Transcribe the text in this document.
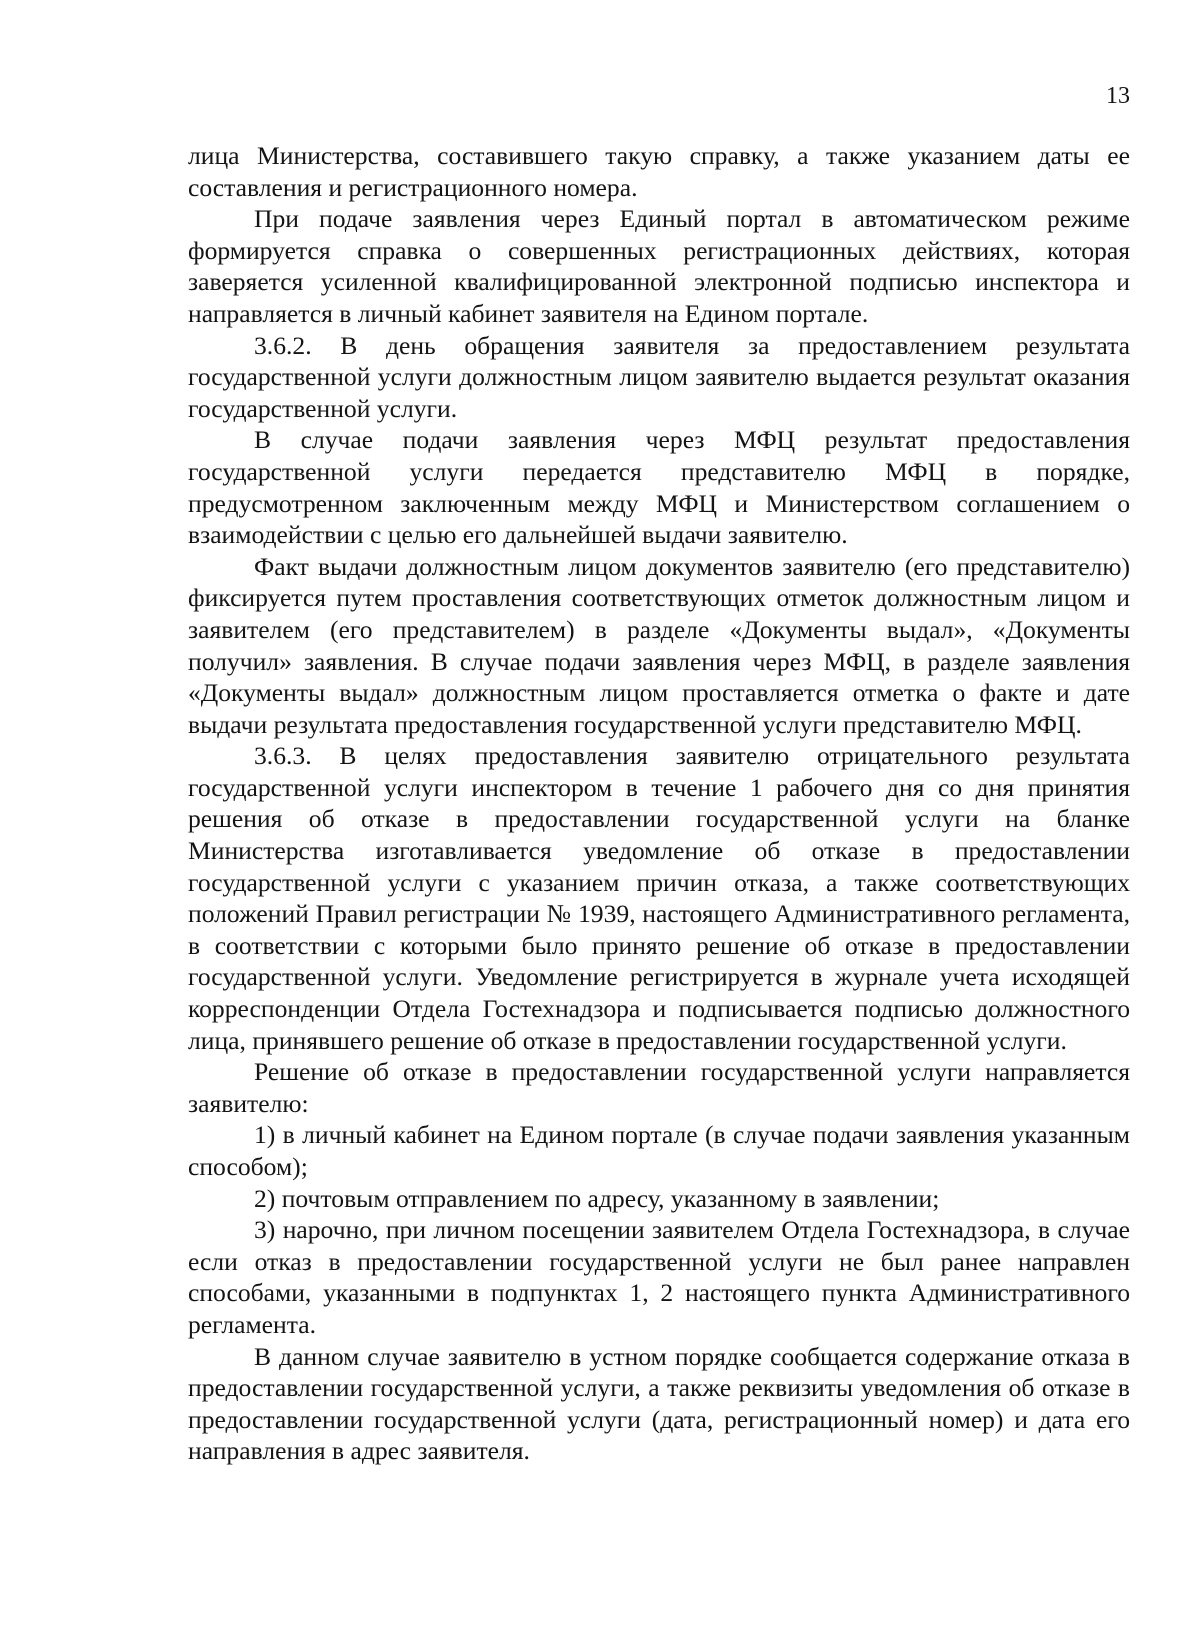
13

лица Министерства, составившего такую справку, а также указанием даты ее составления и регистрационного номера.

При подаче заявления через Единый портал в автоматическом режиме формируется справка о совершенных регистрационных действиях, которая заверяется усиленной квалифицированной электронной подписью инспектора и направляется в личный кабинет заявителя на Едином портале.

3.6.2. В день обращения заявителя за предоставлением результата государственной услуги должностным лицом заявителю выдается результат оказания государственной услуги.

В случае подачи заявления через МФЦ результат предоставления государственной услуги передается представителю МФЦ в порядке, предусмотренном заключенным между МФЦ и Министерством соглашением о взаимодействии с целью его дальнейшей выдачи заявителю.

Факт выдачи должностным лицом документов заявителю (его представителю) фиксируется путем проставления соответствующих отметок должностным лицом и заявителем (его представителем) в разделе «Документы выдал», «Документы получил» заявления. В случае подачи заявления через МФЦ, в разделе заявления «Документы выдал» должностным лицом проставляется отметка о факте и дате выдачи результата предоставления государственной услуги представителю МФЦ.

3.6.3. В целях предоставления заявителю отрицательного результата государственной услуги инспектором в течение 1 рабочего дня со дня принятия решения об отказе в предоставлении государственной услуги на бланке Министерства изготавливается уведомление об отказе в предоставлении государственной услуги с указанием причин отказа, а также соответствующих положений Правил регистрации № 1939, настоящего Административного регламента, в соответствии с которыми было принято решение об отказе в предоставлении государственной услуги. Уведомление регистрируется в журнале учета исходящей корреспонденции Отдела Гостехнадзора и подписывается подписью должностного лица, принявшего решение об отказе в предоставлении государственной услуги.

Решение об отказе в предоставлении государственной услуги направляется заявителю:

1) в личный кабинет на Едином портале (в случае подачи заявления указанным способом);

2) почтовым отправлением по адресу, указанному в заявлении;

3) нарочно, при личном посещении заявителем Отдела Гостехнадзора, в случае если отказ в предоставлении государственной услуги не был ранее направлен способами, указанными в подпунктах 1, 2 настоящего пункта Административного регламента.

В данном случае заявителю в устном порядке сообщается содержание отказа в предоставлении государственной услуги, а также реквизиты уведомления об отказе в предоставлении государственной услуги (дата, регистрационный номер) и дата его направления в адрес заявителя.
